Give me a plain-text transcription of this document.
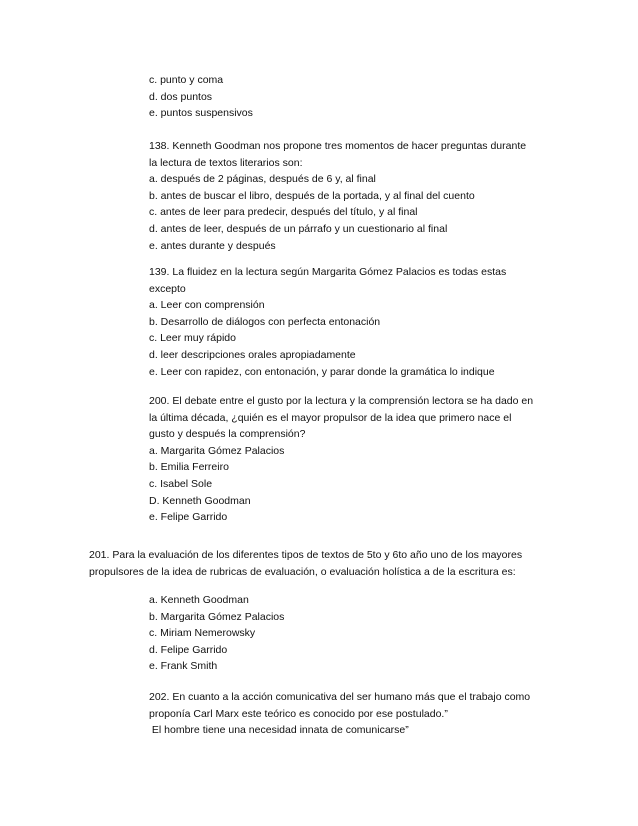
c. punto y coma
d. dos puntos
e. puntos suspensivos
138. Kenneth Goodman nos propone tres momentos de hacer preguntas durante
la lectura de textos literarios son:
a. después de 2 páginas, después de 6 y, al final
b. antes de buscar el libro, después de la portada, y al final del cuento
c. antes de leer para predecir, después del título, y al final
d. antes de leer, después de un párrafo y un cuestionario al final
e. antes durante y después
139. La fluidez en la lectura según Margarita Gómez Palacios es todas estas
excepto
a. Leer con comprensión
b. Desarrollo de diálogos con perfecta entonación
c. Leer muy rápido
d. leer descripciones orales apropiadamente
e. Leer con rapidez, con entonación, y parar donde la gramática lo indique
200. El debate entre el gusto por la lectura y la comprensión lectora se ha dado en
la última década, ¿quién es el mayor propulsor de la idea que primero nace el
gusto y después la comprensión?
a. Margarita Gómez Palacios
b. Emilia Ferreiro
c. Isabel Sole
D. Kenneth Goodman
e. Felipe Garrido
201. Para la evaluación de los diferentes tipos de textos de 5to y 6to año uno de los mayores
propulsores de la idea de rubricas de evaluación, o evaluación holística a de la escritura es:
a. Kenneth Goodman
b. Margarita Gómez Palacios
c. Miriam Nemerowsky
d. Felipe Garrido
e. Frank Smith
202. En cuanto a la acción comunicativa del ser humano más que el trabajo como
proponía Carl Marx este teórico es conocido por ese postulado.”
El hombre tiene una necesidad innata de comunicarse”
